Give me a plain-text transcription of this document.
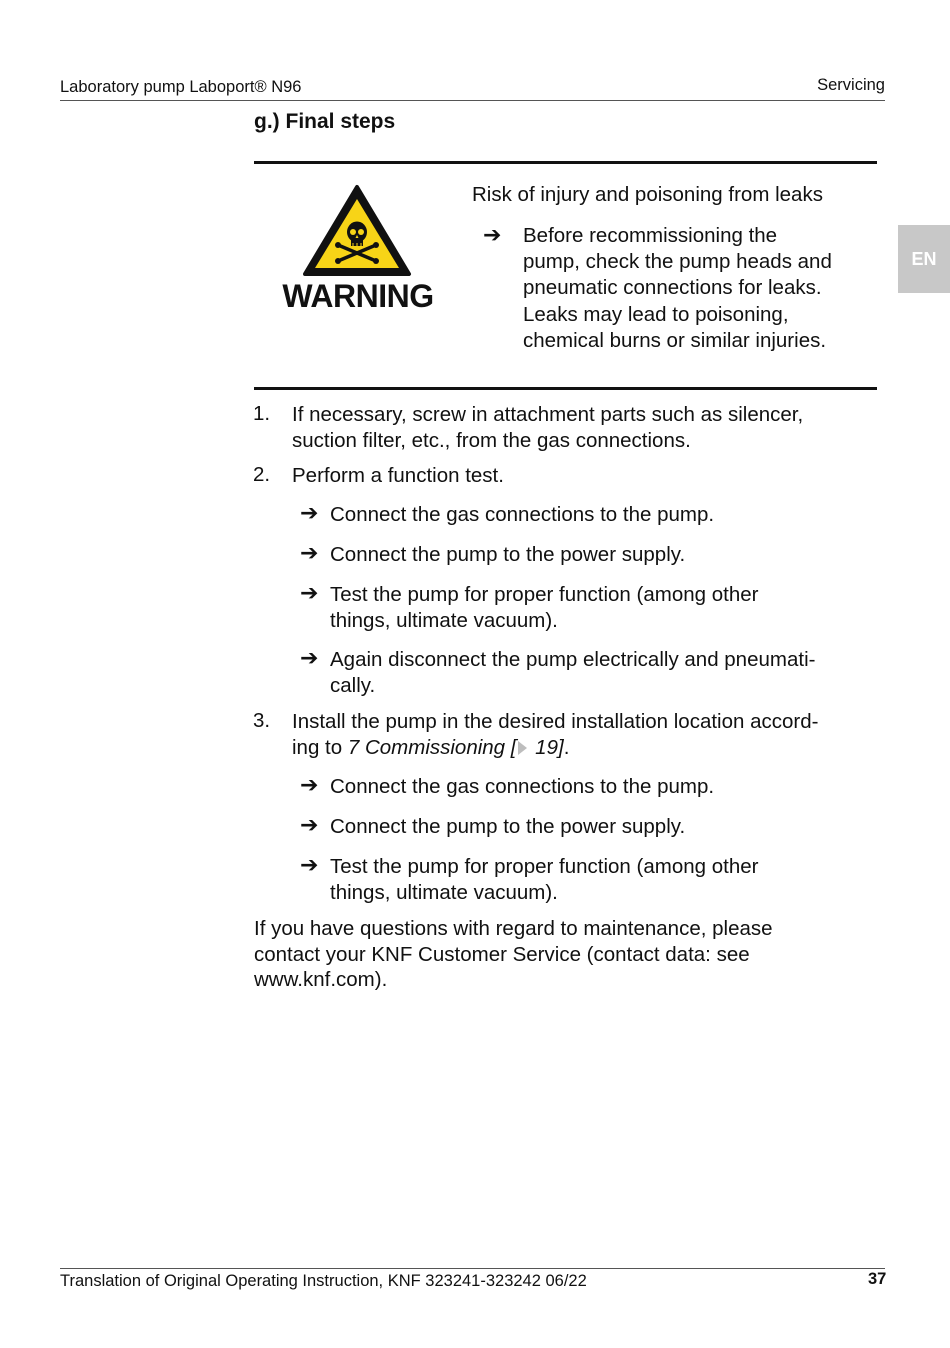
Laboratory pump Laboport® N96	Servicing
EN
g.) Final steps
WARNING
Risk of injury and poisoning from leaks
➔ Before recommissioning the
pump, check the pump heads and
pneumatic connections for leaks.
Leaks may lead to poisoning,
chemical burns or similar injuries.
1. If necessary, screw in attachment parts such as silencer,
suction filter, etc., from the gas connections.
2. Perform a function test.
➔ Connect the gas connections to the pump.
➔ Connect the pump to the power supply.
➔ Test the pump for proper function (among other
things, ultimate vacuum).
➔ Again disconnect the pump electrically and pneumati-
cally.
3. Install the pump in the desired installation location accord-
ing to 7 Commissioning [ 19].
➔ Connect the gas connections to the pump.
➔ Connect the pump to the power supply.
➔ Test the pump for proper function (among other
things, ultimate vacuum).
If you have questions with regard to maintenance, please
contact your KNF Customer Service (contact data: see
www.knf.com).
Translation of Original Operating Instruction, KNF 323241-323242 06/22	37
